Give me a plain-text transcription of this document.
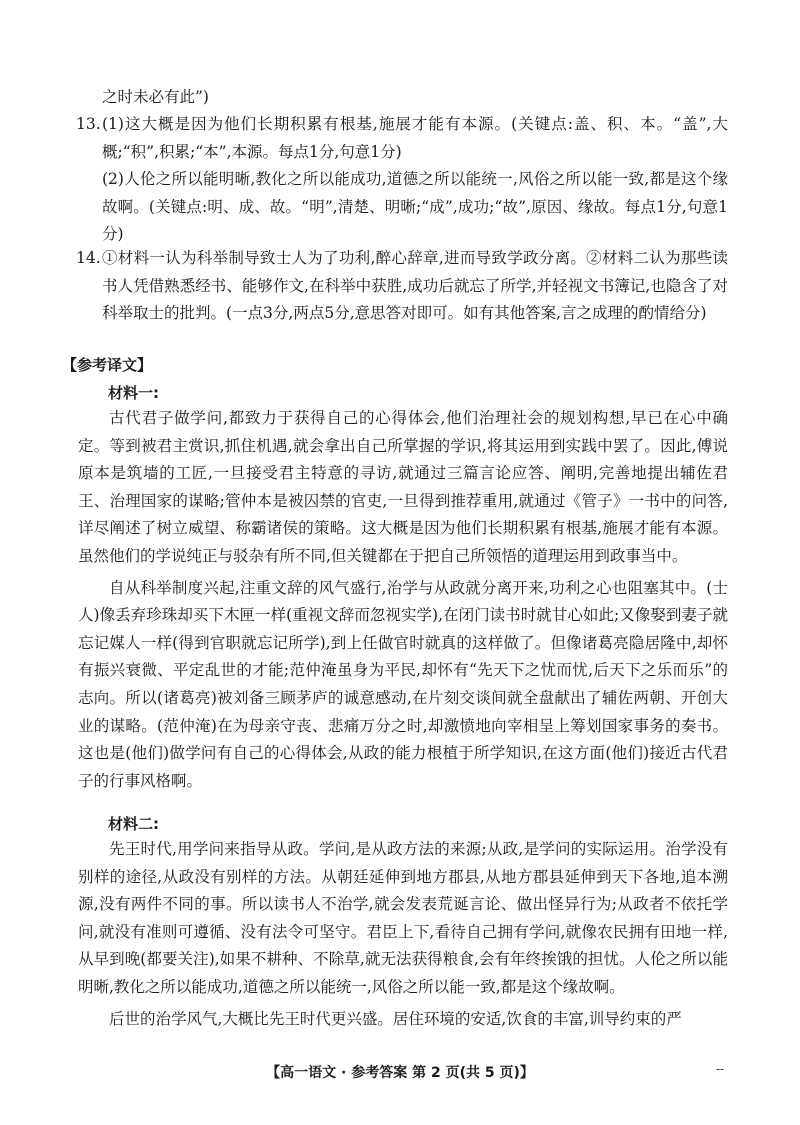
之时未必有此”)
13. (1)这大概是因为他们长期积累有根基,施展才能有本源。(关键点:盖、积、本。“盖”,大概;“积”,积累;“本”,本源。每点1分,句意1分)
(2)人伦之所以能明晰,教化之所以能成功,道德之所以能统一,风俗之所以能一致,都是这个缘故啊。(关键点:明、成、故。“明”,清楚、明晰;“成”,成功;“故”,原因、缘故。每点1分,句意1分)
14. ①材料一认为科举制导致士人为了功利,醉心辞章,进而导致学政分离。②材料二认为那些读书人凭借熟悉经书、能够作文,在科举中获胜,成功后就忘了所学,并轻视文书簿记,也隐含了对科举取士的批判。(一点3分,两点5分,意思答对即可。如有其他答案,言之成理的酌情给分)
【参考译文】
材料一:

古代君子做学问,都致力于获得自己的心得体会,他们治理社会的规划构想,早已在心中确定。等到被君主赏识,抓住机遇,就会拿出自己所掌握的学识,将其运用到实践中罢了。因此,傅说原本是筑墙的工匠,一旦接受君主特意的寻访,就通过三篇言论应答、阐明,完善地提出辅佐君王、治理国家的谋略;管仲本是被囚禁的官吏,一旦得到推荐重用,就通过《管子》一书中的问答,详尽阐述了树立威望、称霸诸侯的策略。这大概是因为他们长期积累有根基,施展才能有本源。虽然他们的学说纯正与驳杂有所不同,但关键都在于把自己所领悟的道理运用到政事当中。

自从科举制度兴起,注重文辞的风气盛行,治学与从政就分离开来,功利之心也阻塞其中。(士人)像丢弃珍珠却买下木匣一样(重视文辞而忽视实学),在闭门读书时就甘心如此;又像娶到妻子就忘记媒人一样(得到官职就忘记所学),到上任做官时就真的这样做了。但像诸葛亮隐居隆中,却怀有振兴衰微、平定乱世的才能;范仲淹虽身为平民,却怀有“先天下之忧而忧,后天下之乐而乐”的志向。所以(诸葛亮)被刘备三顾茅庐的诚意感动,在片刻交谈间就全盘献出了辅佐两朝、开创大业的谋略。(范仲淹)在为母亲守丧、悲痛万分之时,却激愤地向宰相呈上筹划国家事务的奏书。这也是(他们)做学问有自己的心得体会,从政的能力根植于所学知识,在这方面(他们)接近古代君子的行事风格啊。

材料二:

先王时代,用学问来指导从政。学问,是从政方法的来源;从政,是学问的实际运用。治学没有别样的途径,从政没有别样的方法。从朝廷延伸到地方郡县,从地方郡县延伸到天下各地,追本溯源,没有两件不同的事。所以读书人不治学,就会发表荒诞言论、做出怪异行为;从政者不依托学问,就没有准则可遵循、没有法令可坚守。君臣上下,看待自己拥有学问,就像农民拥有田地一样,从早到晚(都要关注),如果不耕种、不除草,就无法获得粮食,会有年终挨饿的担忧。人伦之所以能明晰,教化之所以能成功,道德之所以能统一,风俗之所以能一致,都是这个缘故啊。

后世的治学风气,大概比先王时代更兴盛。居住环境的安适,饮食的丰富,训导约束的严

【高一语文 · 参考答案 第 2 页(共 5 页)】	--
